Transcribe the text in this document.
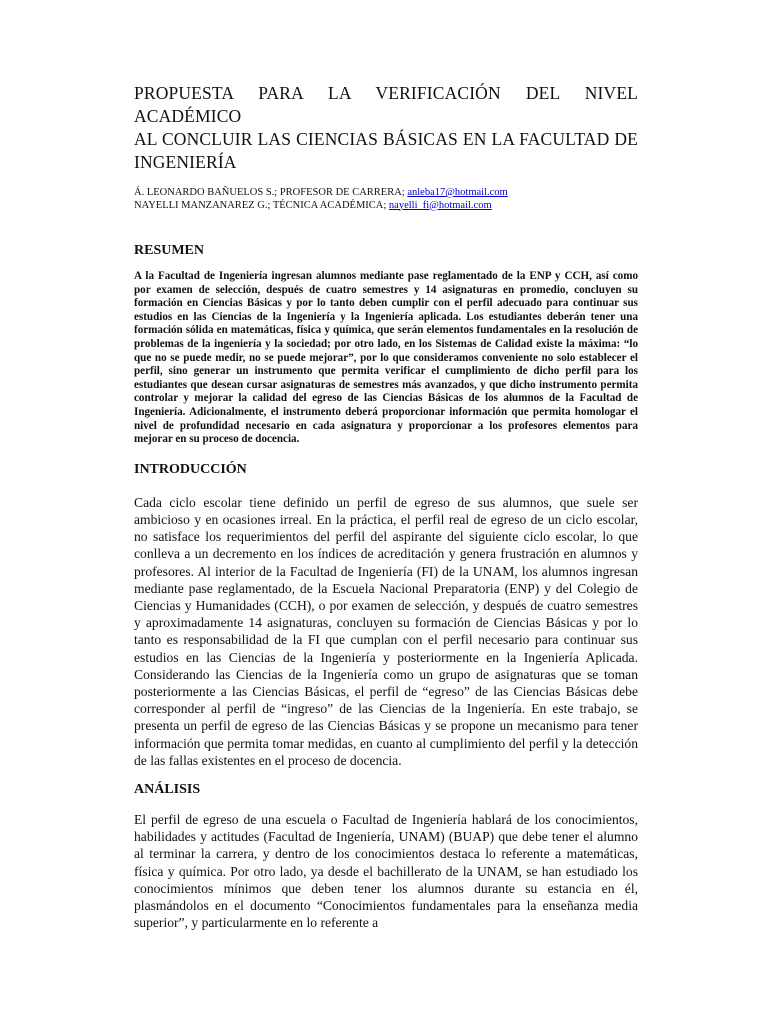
PROPUESTA PARA LA VERIFICACIÓN DEL NIVEL ACADÉMICO
AL CONCLUIR LAS CIENCIAS BÁSICAS EN LA FACULTAD DE
INGENIERÍA
Á. LEONARDO BAÑUELOS S.; PROFESOR DE CARRERA; anleba17@hotmail.com
NAYELLI MANZANAREZ G.; TÉCNICA ACADÉMICA; nayelli_fi@hotmail.com
RESUMEN

A la Facultad de Ingeniería ingresan alumnos mediante pase reglamentado de la ENP y CCH, así como por examen de selección, después de cuatro semestres y 14 asignaturas en promedio, concluyen su formación en Ciencias Básicas y por lo tanto deben cumplir con el perfil adecuado para continuar sus estudios en las Ciencias de la Ingeniería y la Ingeniería aplicada. Los estudiantes deberán tener una formación sólida en matemáticas, física y química, que serán elementos fundamentales en la resolución de problemas de la ingeniería y la sociedad; por otro lado, en los Sistemas de Calidad existe la máxima: “lo que no se puede medir, no se puede mejorar”, por lo que consideramos conveniente no solo establecer el perfil, sino generar un instrumento que permita verificar el cumplimiento de dicho perfil para los estudiantes que desean cursar asignaturas de semestres más avanzados, y que dicho instrumento permita controlar y mejorar la calidad del egreso de las Ciencias Básicas de los alumnos de la Facultad de Ingeniería. Adicionalmente, el instrumento deberá proporcionar información que permita homologar el nivel de profundidad necesario en cada asignatura y proporcionar a los profesores elementos para mejorar en su proceso de docencia.

INTRODUCCIÓN

Cada ciclo escolar tiene definido un perfil de egreso de sus alumnos, que suele ser ambicioso y en ocasiones irreal. En la práctica, el perfil real de egreso de un ciclo escolar, no satisface los requerimientos del perfil del aspirante del siguiente ciclo escolar, lo que conlleva a un decremento en los índices de acreditación y genera frustración en alumnos y profesores. Al interior de la Facultad de Ingeniería (FI) de la UNAM, los alumnos ingresan mediante pase reglamentado, de la Escuela Nacional Preparatoria (ENP) y del Colegio de Ciencias y Humanidades (CCH), o por examen de selección, y después de cuatro semestres y aproximadamente 14 asignaturas, concluyen su formación de Ciencias Básicas y por lo tanto es responsabilidad de la FI que cumplan con el perfil necesario para continuar sus estudios en las Ciencias de la Ingeniería y posteriormente en la Ingeniería Aplicada. Considerando las Ciencias de la Ingeniería como un grupo de asignaturas que se toman posteriormente a las Ciencias Básicas, el perfil de “egreso” de las Ciencias Básicas debe corresponder al perfil de “ingreso” de las Ciencias de la Ingeniería. En este trabajo, se presenta un perfil de egreso de las Ciencias Básicas y se propone un mecanismo para tener información que permita tomar medidas, en cuanto al cumplimiento del perfil y la detección de las fallas existentes en el proceso de docencia.

ANÁLISIS

El perfil de egreso de una escuela o Facultad de Ingeniería hablará de los conocimientos, habilidades y actitudes (Facultad de Ingeniería, UNAM) (BUAP) que debe tener el alumno al terminar la carrera, y dentro de los conocimientos destaca lo referente a matemáticas, física y química. Por otro lado, ya desde el bachillerato de la UNAM, se han estudiado los conocimientos mínimos que deben tener los alumnos durante su estancia en él, plasmándolos en el documento “Conocimientos fundamentales para la enseñanza media superior”, y particularmente en lo referente a
